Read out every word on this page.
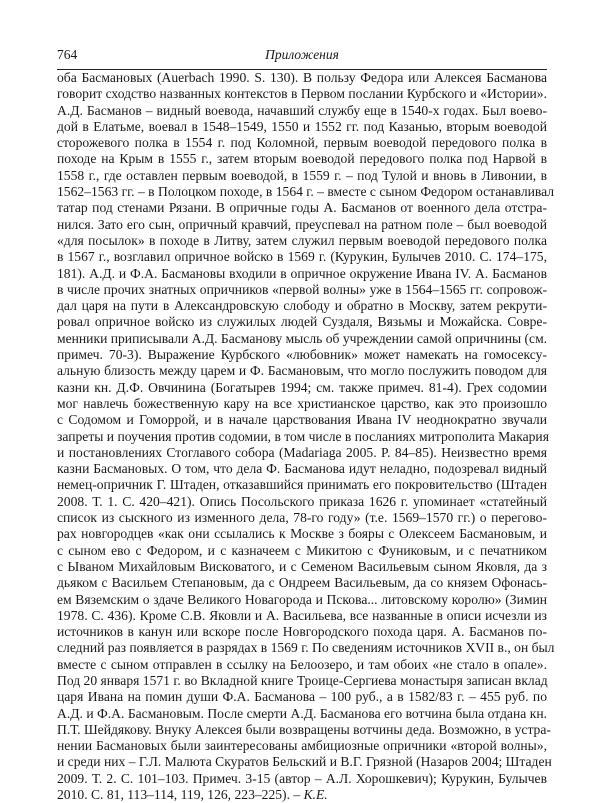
764	Приложения
оба Басмановых (Auerbach 1990. S. 130). В пользу Федора или Алексея Басманова
говорит сходство названных контекстов в Первом послании Курбского и «Истории».
А.Д. Басманов – видный воевода, начавший службу еще в 1540-х годах. Был воево-
дой в Елатьме, воевал в 1548–1549, 1550 и 1552 гг. под Казанью, вторым воеводой
сторожевого полка в 1554 г. под Коломной, первым воеводой передового полка в
походе на Крым в 1555 г., затем вторым воеводой передового полка под Нарвой в
1558 г., где оставлен первым воеводой, в 1559 г. – под Тулой и вновь в Ливонии, в
1562–1563 гг. – в Полоцком походе, в 1564 г. – вместе с сыном Федором останавливал
татар под стенами Рязани. В опричные годы А. Басманов от военного дела отстра-
нился. Зато его сын, опричный кравчий, преуспевал на ратном поле – был воеводой
«для посылок» в походе в Литву, затем служил первым воеводой передового полка
в 1567 г., возглавил опричное войско в 1569 г. (Курукин, Булычев 2010. С. 174–175,
181). А.Д. и Ф.А. Басмановы входили в опричное окружение Ивана IV. А. Басманов
в числе прочих знатных опричников «первой волны» уже в 1564–1565 гг. сопровож-
дал царя на пути в Александровскую слободу и обратно в Москву, затем рекрути-
ровал опричное войско из служилых людей Суздаля, Вязьмы и Можайска. Совре-
менники приписывали А.Д. Басманову мысль об учреждении самой опричнины (см.
примеч. 70-3). Выражение Курбского «любовник» может намекать на гомосексу-
альную близость между царем и Ф. Басмановым, что могло послужить поводом для
казни кн. Д.Ф. Овчинина (Богатырев 1994; см. также примеч. 81-4). Грех содомии
мог навлечь божественную кару на все христианское царство, как это произошло
с Содомом и Гоморрой, и в начале царствования Ивана IV неоднократно звучали
запреты и поучения против содомии, в том числе в посланиях митрополита Макария
и постановлениях Стоглавого собора (Madariaga 2005. P. 84–85). Неизвестно время
казни Басмановых. О том, что дела Ф. Басманова идут неладно, подозревал видный
немец-опричник Г. Штаден, отказавшийся принимать его покровительство (Штаден
2008. Т. 1. С. 420–421). Опись Посольского приказа 1626 г. упоминает «статейный
список из сыскного из изменного дела, 78-го году» (т.е. 1569–1570 гг.) о перегово-
рах новгородцев «как они ссылались к Москве з бояры с Олексеем Басмановым, и
с сыном ево с Федором, и с казначеем с Микитою с Фуниковым, и с печатником
с Ываном Михайловым Висковатого, и с Семеном Васильевым сыном Яковля, да з
дьяком с Васильем Степановым, да с Ондреем Васильевым, да со князем Офонась-
ем Вяземским о здаче Великого Новагорода и Пскова... литовскому королю» (Зимин
1978. С. 436). Кроме С.В. Яковли и А. Васильева, все названные в описи исчезли из
источников в канун или вскоре после Новгородского похода царя. А. Басманов по-
следний раз появляется в разрядах в 1569 г. По сведениям источников XVII в., он был
вместе с сыном отправлен в ссылку на Белоозеро, и там обоих «не стало в опале».
Под 20 января 1571 г. во Вкладной книге Троице-Сергиева монастыря записан вклад
царя Ивана на помин души Ф.А. Басманова – 100 руб., а в 1582/83 г. – 455 руб. по
А.Д. и Ф.А. Басмановым. После смерти А.Д. Басманова его вотчина была отдана кн.
П.Т. Шейдякову. Внуку Алексея были возвращены вотчины деда. Возможно, в устра-
нении Басмановых были заинтересованы амбициозные опричники «второй волны»,
и среди них – Г.Л. Малюта Скуратов Бельский и В.Г. Грязной (Назаров 2004; Штаден
2009. Т. 2. С. 101–103. Примеч. 3-15 (автор – А.Л. Хорошкевич); Курукин, Булычев
2010. С. 81, 113–114, 119, 126, 223–225). – К.Е.
